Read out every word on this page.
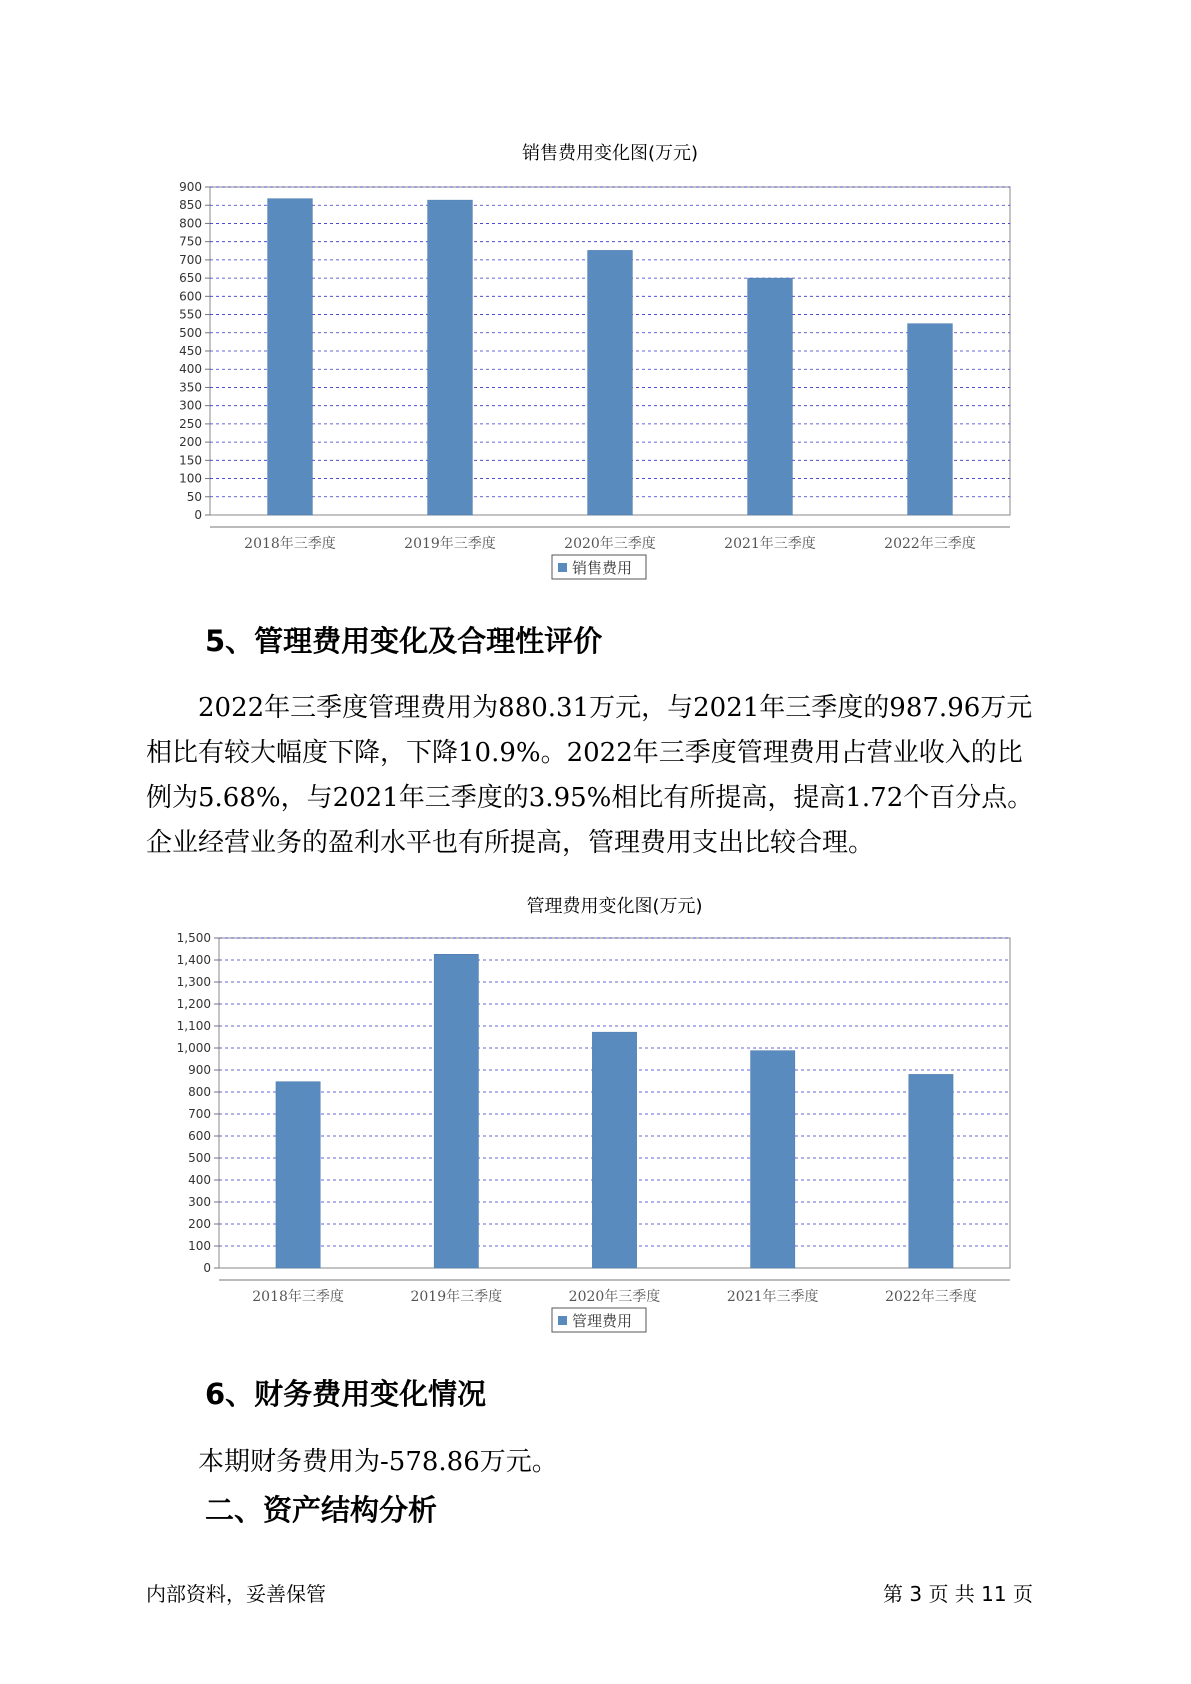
销售费用变化图(万元)
0
50
100
150
200
250
300
350
400
450
500
550
600
650
700
750
800
850
900
2018年三季度	2019年三季度	2020年三季度	2021年三季度	2022年三季度
销售费用
5、管理费用变化及合理性评价
2022年三季度管理费用为880.31万元，与2021年三季度的987.96万元
相比有较大幅度下降，下降10.9%。2022年三季度管理费用占营业收入的比
例为5.68%，与2021年三季度的3.95%相比有所提高，提高1.72个百分点。
企业经营业务的盈利水平也有所提高，管理费用支出比较合理。
管理费用变化图(万元)
0
100
200
300
400
500
600
700
800
900
1,000
1,100
1,200
1,300
1,400
1,500
2018年三季度	2019年三季度	2020年三季度	2021年三季度	2022年三季度
管理费用
6、财务费用变化情况
本期财务费用为-578.86万元。
二、资产结构分析
内部资料，妥善保管	第 3 页 共 11 页
